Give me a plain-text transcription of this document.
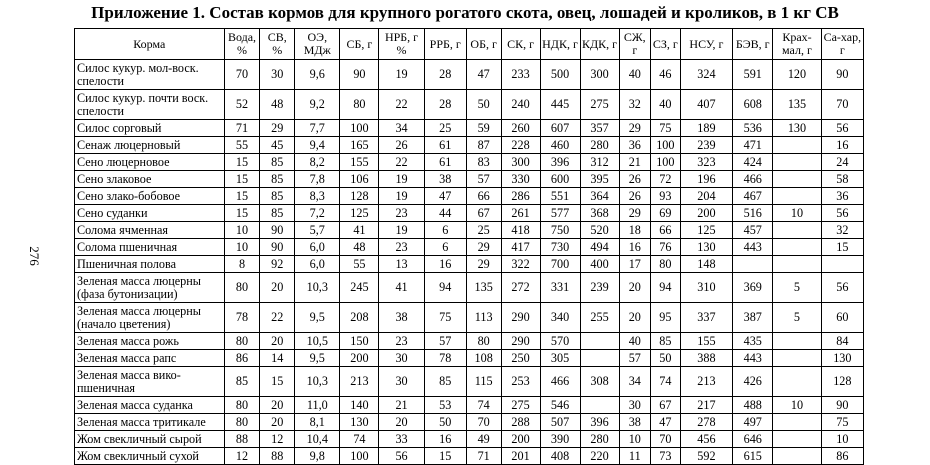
Приложение 1. Состав кормов для крупного рогатого скота, овец, лошадей и кроликов, в 1 кг СВ
276
Корма	Вода, %	СВ, %	ОЭ, МДж	СБ, г	НРБ, г %	РРБ, г	ОБ, г	СК, г	НДК, г	КДК, г	СЖ, г	СЗ, г	НСУ, г	БЭВ, г	Крах-мал, г	Са-хар, г
Силос кукур. мол-воск. спелости	70	30	9,6	90	19	28	47	233	500	300	40	46	324	591	120	90
Силос кукур. почти воск. спелости	52	48	9,2	80	22	28	50	240	445	275	32	40	407	608	135	70
Силос сорговый	71	29	7,7	100	34	25	59	260	607	357	29	75	189	536	130	56
Сенаж люцерновый	55	45	9,4	165	26	61	87	228	460	280	36	100	239	471		16
Сено люцерновое	15	85	8,2	155	22	61	83	300	396	312	21	100	323	424		24
Сено злаковое	15	85	7,8	106	19	38	57	330	600	395	26	72	196	466		58
Сено злако-бобовое	15	85	8,3	128	19	47	66	286	551	364	26	93	204	467		36
Сено суданки	15	85	7,2	125	23	44	67	261	577	368	29	69	200	516	10	56
Солома ячменная	10	90	5,7	41	19	6	25	418	750	520	18	66	125	457		32
Солома пшеничная	10	90	6,0	48	23	6	29	417	730	494	16	76	130	443		15
Пшеничная полова	8	92	6,0	55	13	16	29	322	700	400	17	80	148			
Зеленая масса люцерны (фаза бутонизации)	80	20	10,3	245	41	94	135	272	331	239	20	94	310	369	5	56
Зеленая масса люцерны (начало цветения)	78	22	9,5	208	38	75	113	290	340	255	20	95	337	387	5	60
Зеленая масса рожь	80	20	10,5	150	23	57	80	290	570		40	85	155	435		84
Зеленая масса рапс	86	14	9,5	200	30	78	108	250	305		57	50	388	443		130
Зеленая масса вико-пшеничная	85	15	10,3	213	30	85	115	253	466	308	34	74	213	426		128
Зеленая масса суданка	80	20	11,0	140	21	53	74	275	546		30	67	217	488	10	90
Зеленая масса тритикале	80	20	8,1	130	20	50	70	288	507	396	38	47	278	497		75
Жом свекличный сырой	88	12	10,4	74	33	16	49	200	390	280	10	70	456	646		10
Жом свекличный сухой	12	88	9,8	100	56	15	71	201	408	220	11	73	592	615		86
